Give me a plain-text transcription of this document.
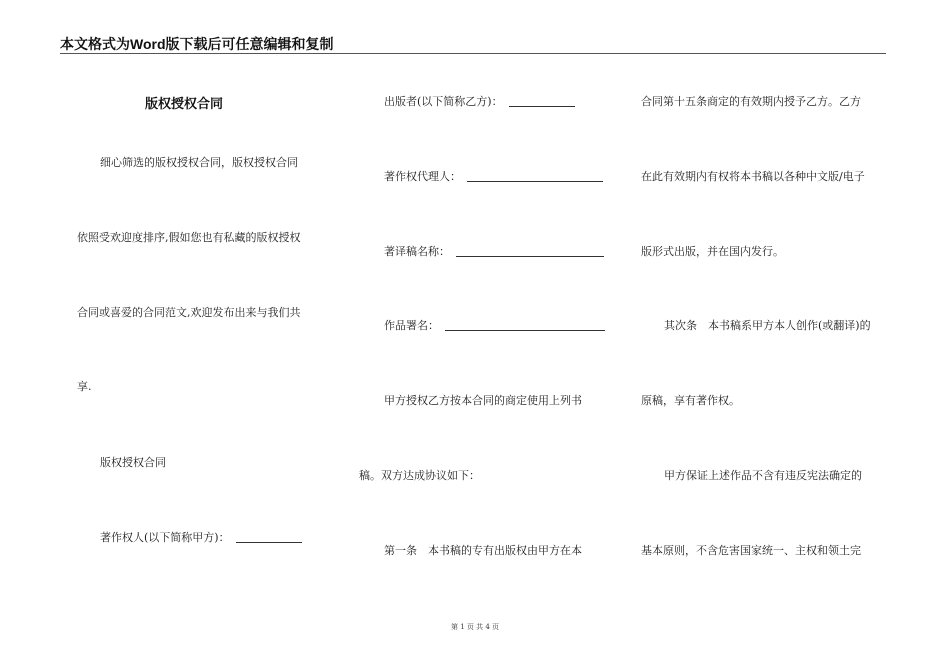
本文格式为Word版下载后可任意编辑和复制
版权授权合同
细心筛选的版权授权合同，版权授权合同
依照受欢迎度排序,假如您也有私藏的版权授权
合同或喜爱的合同范文,欢迎发布出来与我们共
享.
版权授权合同
著作权人(以下简称甲方)：
出版者(以下简称乙方)：
著作权代理人：
著译稿名称：
作品署名：
甲方授权乙方按本合同的商定使用上列书
稿。双方达成协议如下：
第一条　本书稿的专有出版权由甲方在本
合同第十五条商定的有效期内授予乙方。乙方
在此有效期内有权将本书稿以各种中文版/电子
版形式出版，并在国内发行。
其次条　本书稿系甲方本人创作(或翻译)的
原稿，享有著作权。
甲方保证上述作品不含有违反宪法确定的
基本原则，不含危害国家统一、主权和领土完
第 1 页 共 4 页
